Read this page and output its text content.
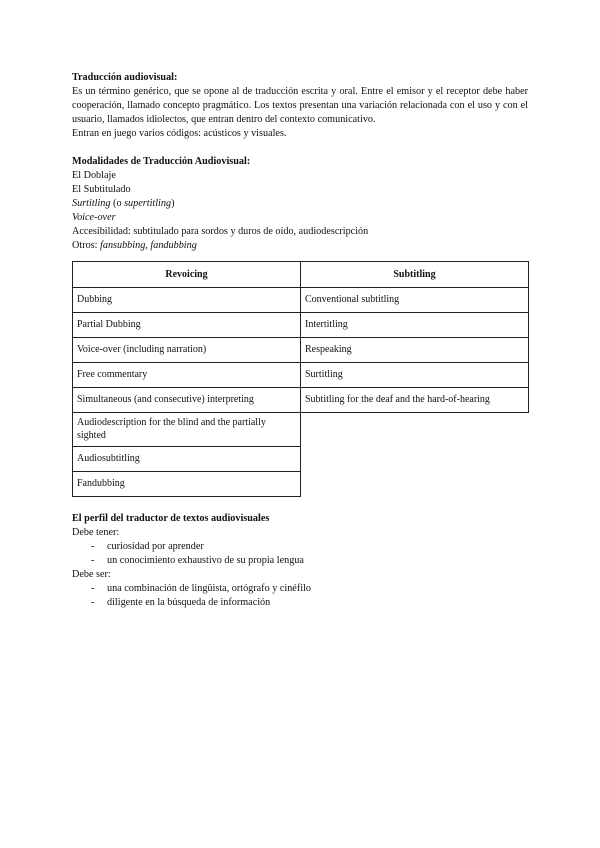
Traducción audiovisual:

Es un término genérico, que se opone al de traducción escrita y oral. Entre el emisor y el receptor debe haber cooperación, llamado concepto pragmático. Los textos presentan una variación relacionada con el uso y con el usuario, llamados idiolectos, que entran dentro del contexto comunicativo.

Entran en juego varios códigos: acústicos y visuales.

Modalidades de Traducción Audiovisual:

El Doblaje

El Subtitulado

Surtitling (o supertitling)

Voice-over

Accesibilidad: subtitulado para sordos y duros de oído, audiodescripción

Otros: fansubbing, fandubbing

Revoicing	Subtitling
Dubbing	Conventional subtitling
Partial Dubbing	Intertitling
Voice-over (including narration)	Respeaking
Free commentary	Surtitling
Simultaneous (and consecutive) interpreting	Subtitling for the deaf and the hard-of-hearing
Audiodescription for the blind and the partially sighted	
Audiosubtitling	
Fandubbing	

El perfil del traductor de textos audiovisuales

Debe tener:

- curiosidad por aprender
- un conocimiento exhaustivo de su propia lengua

Debe ser:

- una combinación de lingüista, ortógrafo y cinéfilo
- diligente en la búsqueda de información
